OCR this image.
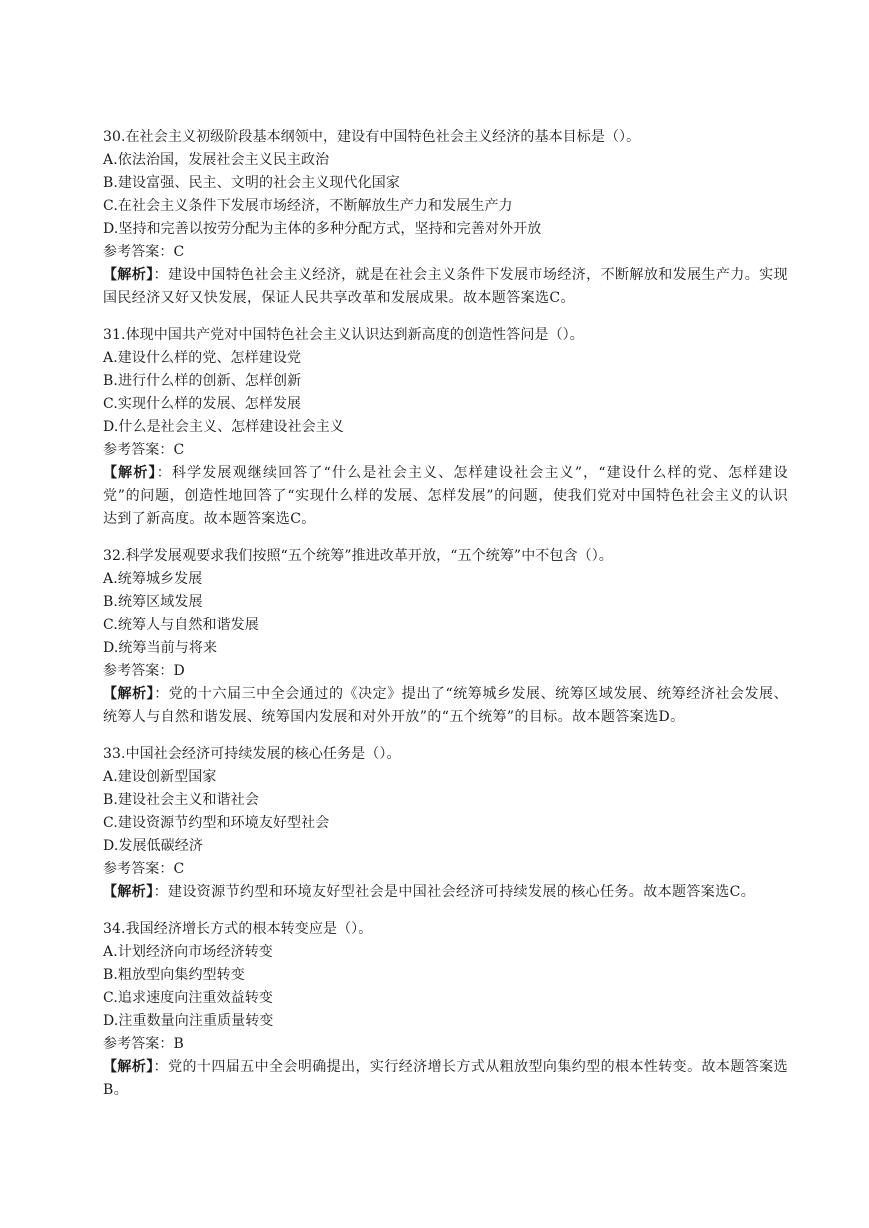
30.在社会主义初级阶段基本纲领中，建设有中国特色社会主义经济的基本目标是（）。

A.依法治国，发展社会主义民主政治

B.建设富强、民主、文明的社会主义现代化国家

C.在社会主义条件下发展市场经济，不断解放生产力和发展生产力

D.坚持和完善以按劳分配为主体的多种分配方式，坚持和完善对外开放

参考答案：C

【解析】：建设中国特色社会主义经济，就是在社会主义条件下发展市场经济，不断解放和发展生产力。实现国民经济又好又快发展，保证人民共享改革和发展成果。故本题答案选C。

31.体现中国共产党对中国特色社会主义认识达到新高度的创造性答问是（）。

A.建设什么样的党、怎样建设党

B.进行什么样的创新、怎样创新

C.实现什么样的发展、怎样发展

D.什么是社会主义、怎样建设社会主义

参考答案：C

【解析】：科学发展观继续回答了“什么是社会主义、怎样建设社会主义”，“建设什么样的党、怎样建设党”的问题，创造性地回答了“实现什么样的发展、怎样发展”的问题，使我们党对中国特色社会主义的认识达到了新高度。故本题答案选C。

32.科学发展观要求我们按照“五个统筹”推进改革开放，“五个统筹”中不包含（）。

A.统筹城乡发展

B.统筹区域发展

C.统筹人与自然和谐发展

D.统筹当前与将来

参考答案：D

【解析】：党的十六届三中全会通过的《决定》提出了“统筹城乡发展、统筹区域发展、统筹经济社会发展、统筹人与自然和谐发展、统筹国内发展和对外开放”的“五个统筹”的目标。故本题答案选D。

33.中国社会经济可持续发展的核心任务是（）。

A.建设创新型国家

B.建设社会主义和谐社会

C.建设资源节约型和环境友好型社会

D.发展低碳经济

参考答案：C

【解析】：建设资源节约型和环境友好型社会是中国社会经济可持续发展的核心任务。故本题答案选C。

34.我国经济增长方式的根本转变应是（）。

A.计划经济向市场经济转变

B.粗放型向集约型转变

C.追求速度向注重效益转变

D.注重数量向注重质量转变

参考答案：B

【解析】：党的十四届五中全会明确提出，实行经济增长方式从粗放型向集约型的根本性转变。故本题答案选B。
